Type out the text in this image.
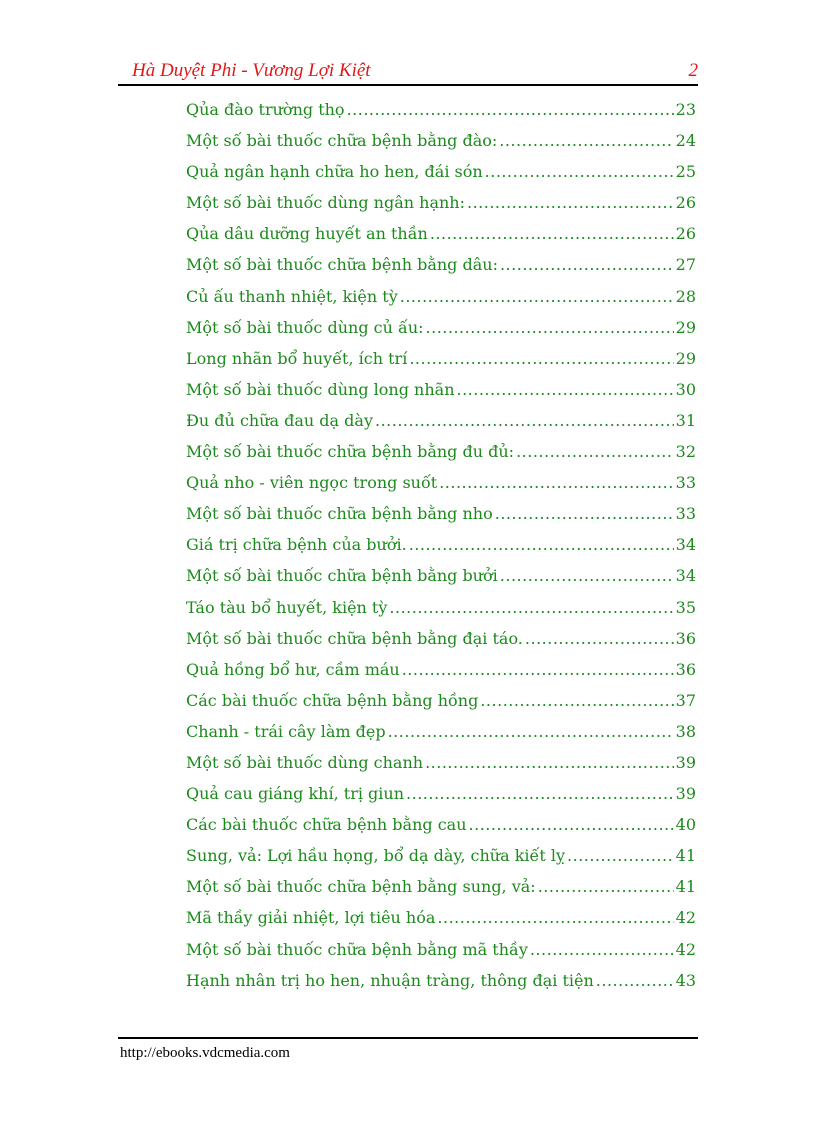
Hà Duyệt Phi - Vương Lợi Kiệt	2
Qủa đào trường thọ .....	23
Một số bài thuốc chữa bệnh bằng đào: .....	24
Quả ngân hạnh chữa ho hen, đái són .....	25
Một số bài thuốc dùng ngân hạnh: .....	26
Qủa dâu dưỡng huyết an thần .....	26
Một số bài thuốc chữa bệnh bằng dâu: .....	27
Củ ấu thanh nhiệt, kiện tỳ .....	28
Một số bài thuốc dùng củ ấu: .....	29
Long nhãn bổ huyết, ích trí .....	29
Một số bài thuốc dùng long nhãn .....	30
Đu đủ chữa đau dạ dày .....	31
Một số bài thuốc chữa bệnh bằng đu đủ: .....	32
Quả nho - viên ngọc trong suốt .....	33
Một số bài thuốc chữa bệnh bằng nho .....	33
Giá trị chữa bệnh của bưởi. .....	34
Một số bài thuốc chữa bệnh bằng bưởi .....	34
Táo tàu bổ huyết, kiện tỳ .....	35
Một số bài thuốc chữa bệnh bằng đại táo. .....	36
Quả hồng bổ hư, cầm máu .....	36
Các bài thuốc chữa bệnh bằng hồng .....	37
Chanh - trái cây làm đẹp .....	38
Một số bài thuốc dùng chanh .....	39
Quả cau giáng khí, trị giun .....	39
Các bài thuốc chữa bệnh bằng cau .....	40
Sung, vả: Lợi hầu họng, bổ dạ dày, chữa kiết lỵ .....	41
Một số bài thuốc chữa bệnh bằng sung, vả: .....	41
Mã thầy giải nhiệt, lợi tiêu hóa .....	42
Một số bài thuốc chữa bệnh bằng mã thầy .....	42
Hạnh nhân trị ho hen, nhuận tràng, thông đại tiện .....	43
http://ebooks.vdcmedia.com
